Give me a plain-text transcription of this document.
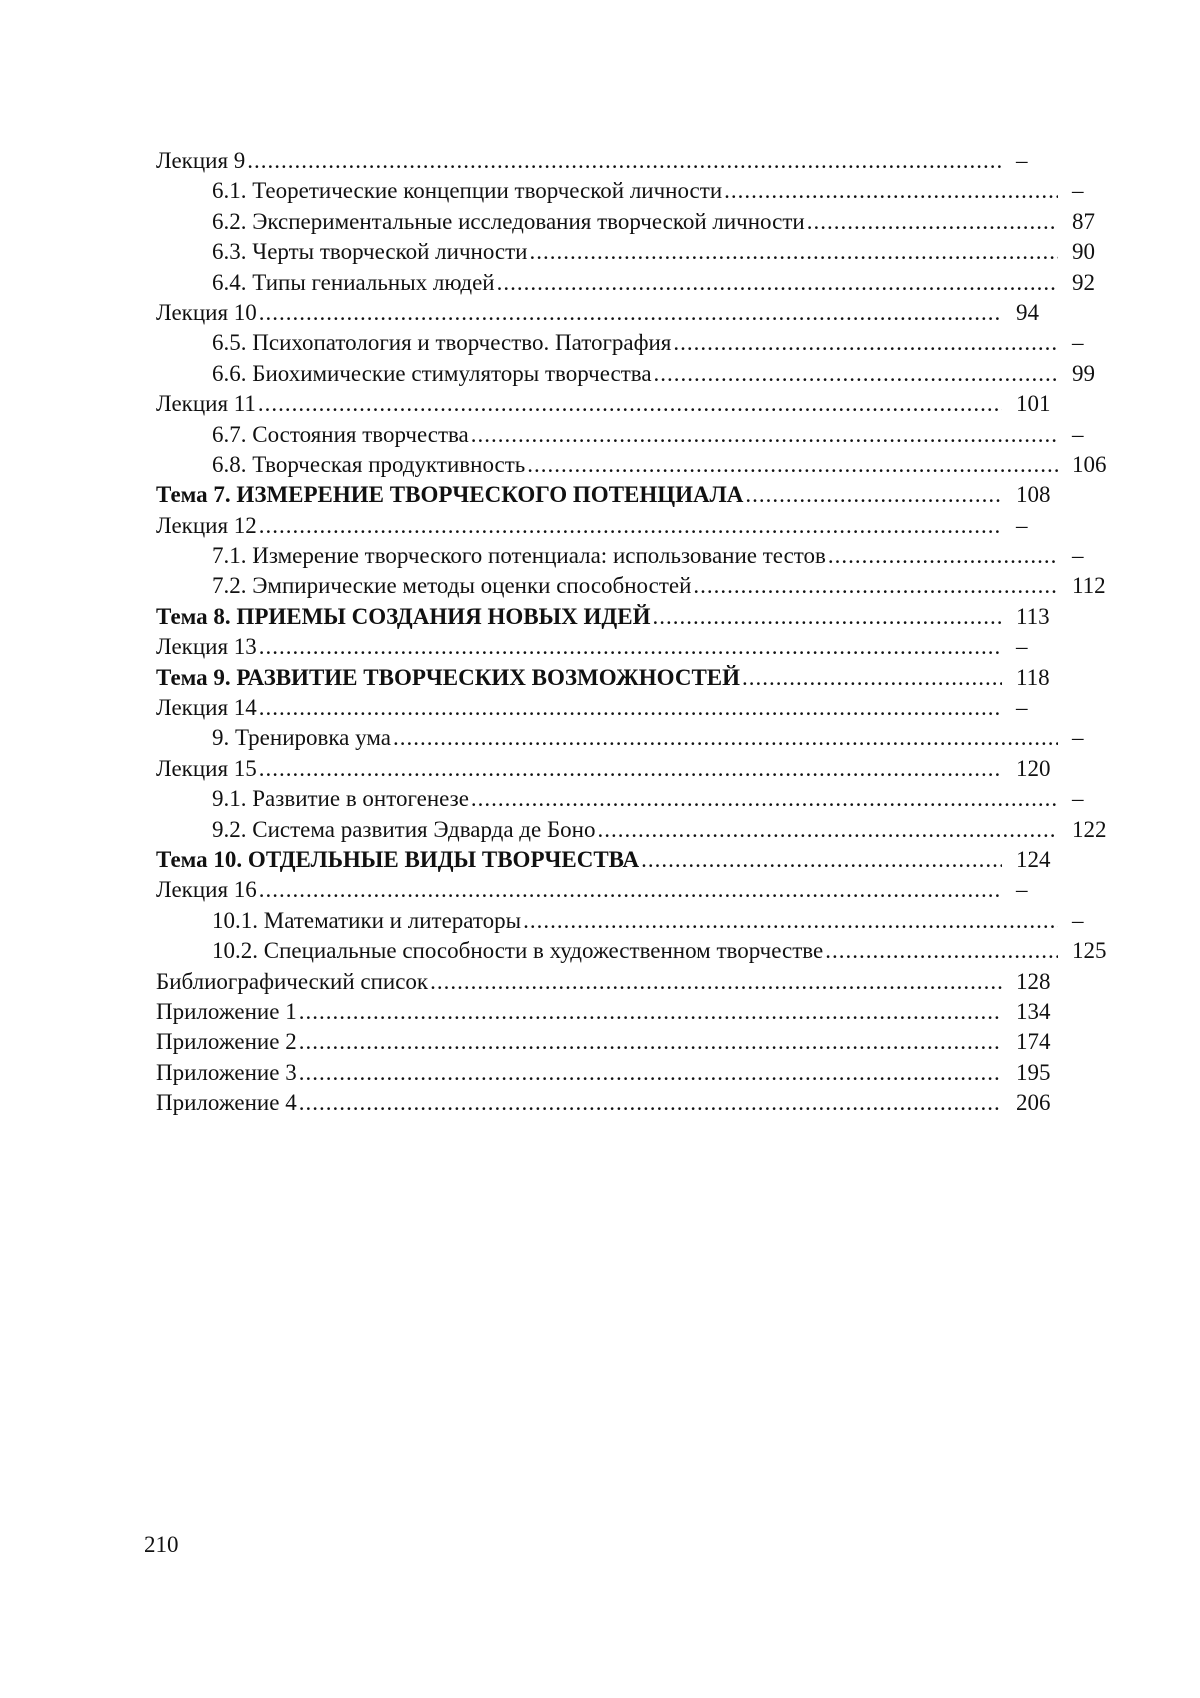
Лекция 9 .....	–
6.1. Теоретические концепции творческой личности .....	–
6.2. Экспериментальные исследования творческой личности .....	87
6.3. Черты творческой личности .....	90
6.4. Типы гениальных людей .....	92
Лекция 10 .....	94
6.5. Психопатология и творчество. Патография .....	–
6.6. Биохимические стимуляторы творчества .....	99
Лекция 11 .....	101
6.7. Состояния творчества .....	–
6.8. Творческая продуктивность .....	106
Тема 7. ИЗМЕРЕНИЕ ТВОРЧЕСКОГО ПОТЕНЦИАЛА .....	108
Лекция 12 .....	–
7.1. Измерение творческого потенциала: использование тестов .....	–
7.2. Эмпирические методы оценки способностей .....	112
Тема 8. ПРИЕМЫ СОЗДАНИЯ НОВЫХ ИДЕЙ .....	113
Лекция 13 .....	–
Тема 9. РАЗВИТИЕ ТВОРЧЕСКИХ ВОЗМОЖНОСТЕЙ .....	118
Лекция 14 .....	–
9. Тренировка ума .....	–
Лекция 15 .....	120
9.1. Развитие в онтогенезе .....	–
9.2. Система развития Эдварда де Боно .....	122
Тема 10. ОТДЕЛЬНЫЕ ВИДЫ ТВОРЧЕСТВА .....	124
Лекция 16 .....	–
10.1. Математики и литераторы .....	–
10.2. Специальные способности в художественном творчестве .....	125
Библиографический список .....	128
Приложение 1 .....	134
Приложение 2 .....	174
Приложение 3 .....	195
Приложение 4 .....	206
210
